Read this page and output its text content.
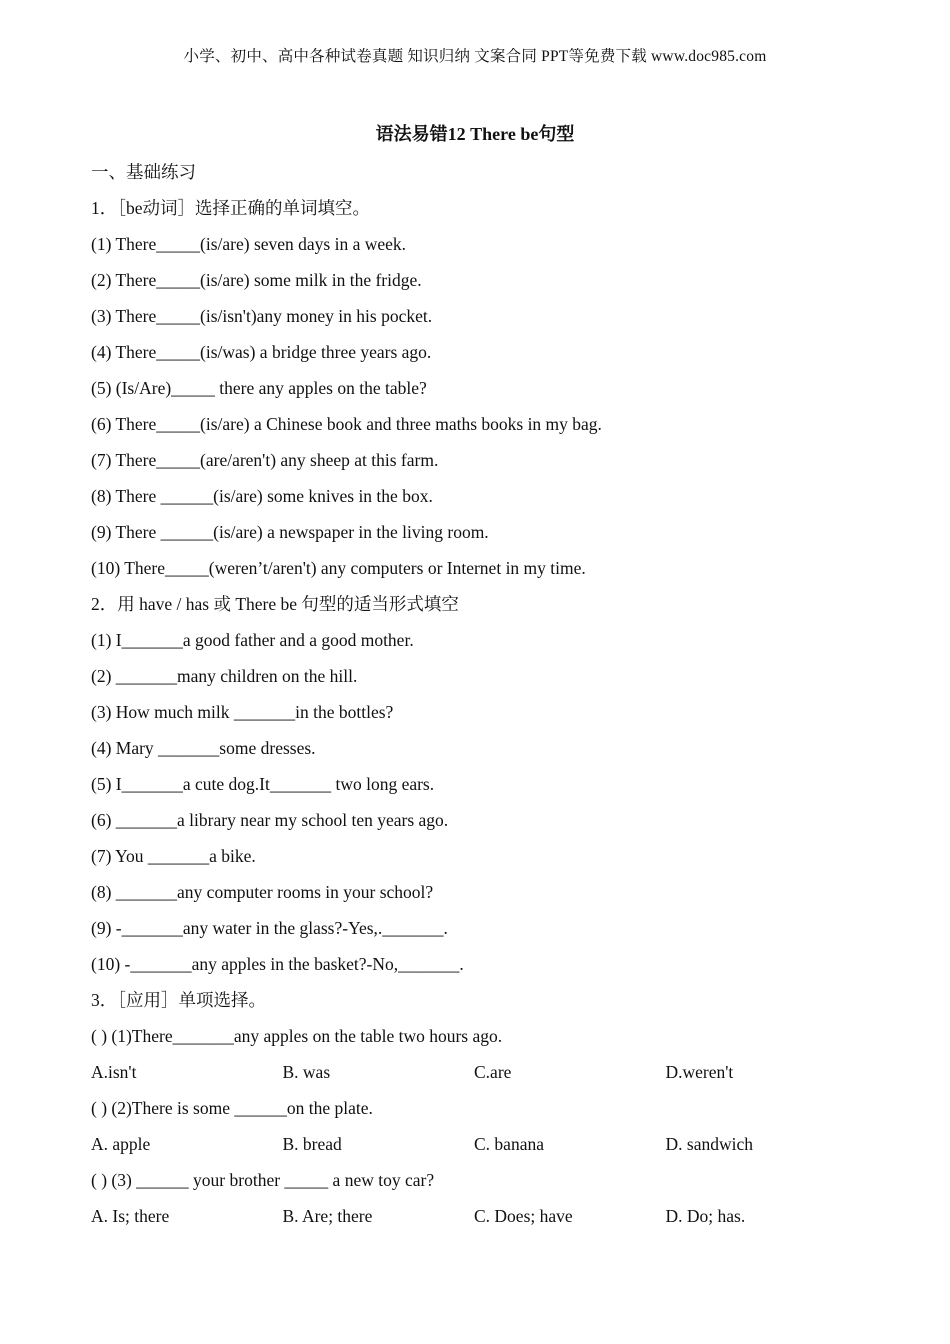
小学、初中、高中各种试卷真题 知识归纳 文案合同 PPT等免费下载 www.doc985.com
语法易错12 There be句型
一、基础练习
1．［be动词］选择正确的单词填空。
(1) There_____(is/are) seven days in a week.
(2) There_____(is/are) some milk in the fridge.
(3) There_____(is/isn't)any money in his pocket.
(4) There_____(is/was) a bridge three years ago.
(5) (Is/Are)_____ there any apples on the table?
(6) There_____(is/are) a Chinese book and three maths books in my bag.
(7) There_____(are/aren't) any sheep at this farm.
(8) There ______(is/are) some knives in the box.
(9) There ______(is/are) a newspaper in the living room.
(10) There_____(weren’t/aren't) any computers or Internet in my time.
2．用 have / has 或 There be 句型的适当形式填空
(1) I_______a good father and a good mother.
(2) _______many children on the hill.
(3) How much milk _______in the bottles?
(4) Mary _______some dresses.
(5) I_______a cute dog.It_______ two long ears.
(6) _______a library near my school ten years ago.
(7) You _______a bike.
(8) _______any computer rooms in your school?
(9) -_______any water in the glass?-Yes,._______.
(10) -_______any apples in the basket?-No,_______.
3．［应用］单项选择。
( ) (1)There_______any apples on the table two hours ago.
A.isn't	B. was	C.are	D.weren't
( ) (2)There is some ______on the plate.
A. apple	B. bread	C. banana	D. sandwich
( ) (3) ______ your brother _____ a new toy car?
A. Is; there	B. Are; there	C. Does; have	D. Do; has.
